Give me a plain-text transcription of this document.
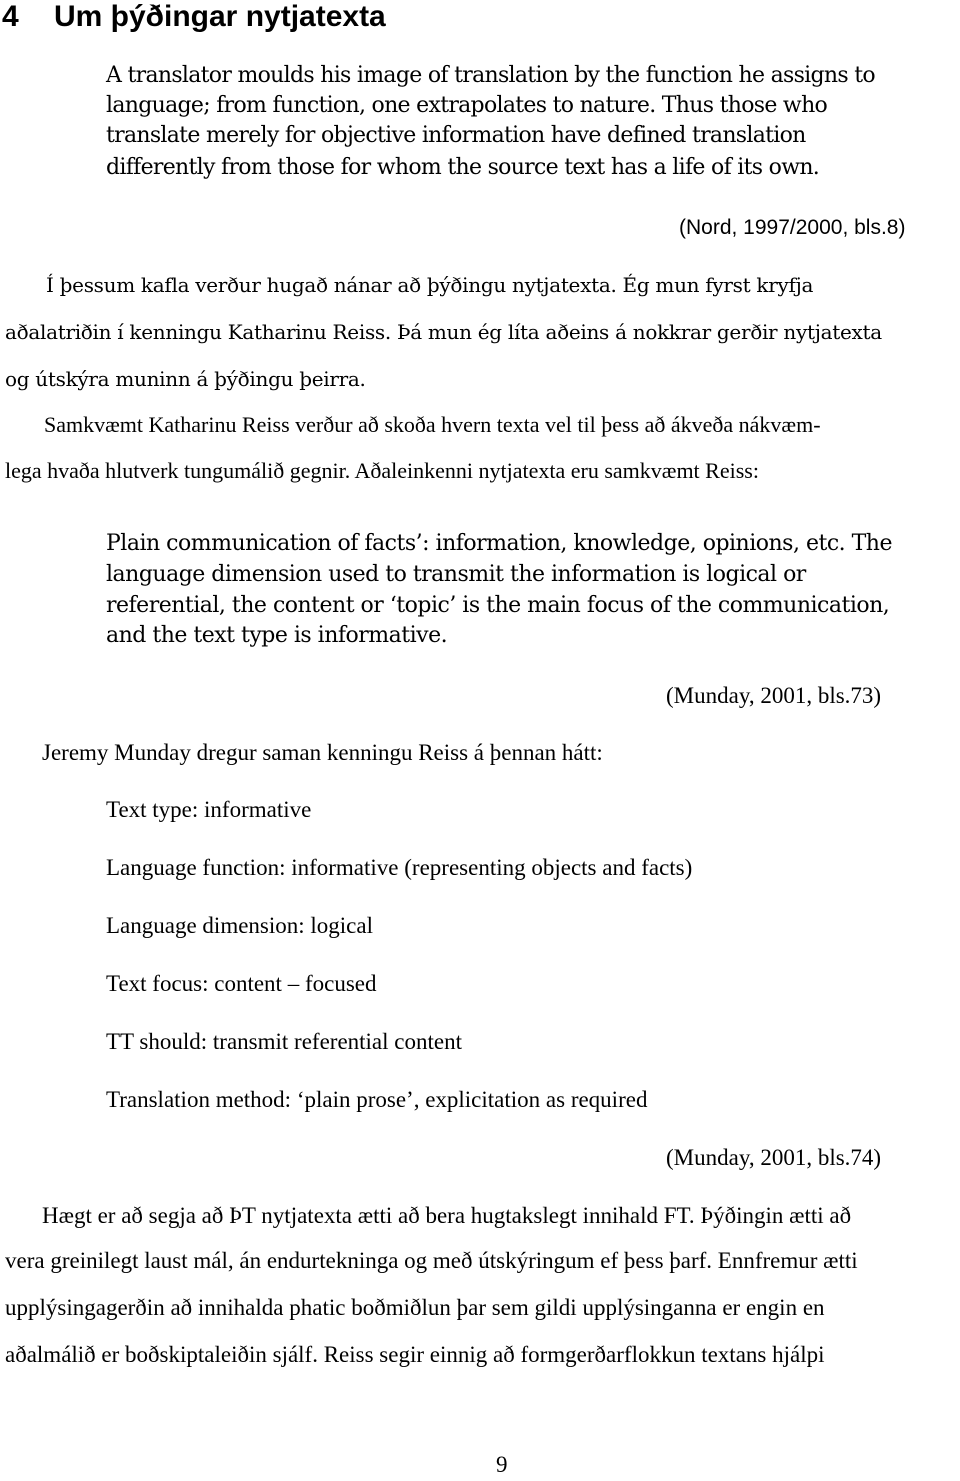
4 Um þýðingar nytjatexta
A translator moulds his image of translation by the function he assigns to
language; from function, one extrapolates to nature. Thus those who
translate merely for objective information have defined translation
differently from those for whom the source text has a life of its own.
(Nord, 1997/2000, bls.8)
Í þessum kafla verður hugað nánar að þýðingu nytjatexta. Ég mun fyrst kryfja
aðalatriðin í kenningu Katharinu Reiss. Þá mun ég líta aðeins á nokkrar gerðir nytjatexta
og útskýra muninn á þýðingu þeirra.
Samkvæmt Katharinu Reiss verður að skoða hvern texta vel til þess að ákveða nákvæm-
lega hvaða hlutverk tungumálið gegnir. Aðaleinkenni nytjatexta eru samkvæmt Reiss:
Plain communication of facts’: information, knowledge, opinions, etc. The
language dimension used to transmit the information is logical or
referential, the content or ‘topic’ is the main focus of the communication,
and the text type is informative.
(Munday, 2001, bls.73)
Jeremy Munday dregur saman kenningu Reiss á þennan hátt:
Text type: informative
Language function: informative (representing objects and facts)
Language dimension: logical
Text focus: content – focused
TT should: transmit referential content
Translation method: ‘plain prose’, explicitation as required
(Munday, 2001, bls.74)
Hægt er að segja að ÞT nytjatexta ætti að bera hugtakslegt innihald FT. Þýðingin ætti að
vera greinilegt laust mál, án endurtekninga og með útskýringum ef þess þarf. Ennfremur ætti
upplýsingagerðin að innihalda phatic boðmiðlun þar sem gildi upplýsinganna er engin en
aðalmálið er boðskiptaleiðin sjálf. Reiss segir einnig að formgerðarflokkun textans hjálpi
9
